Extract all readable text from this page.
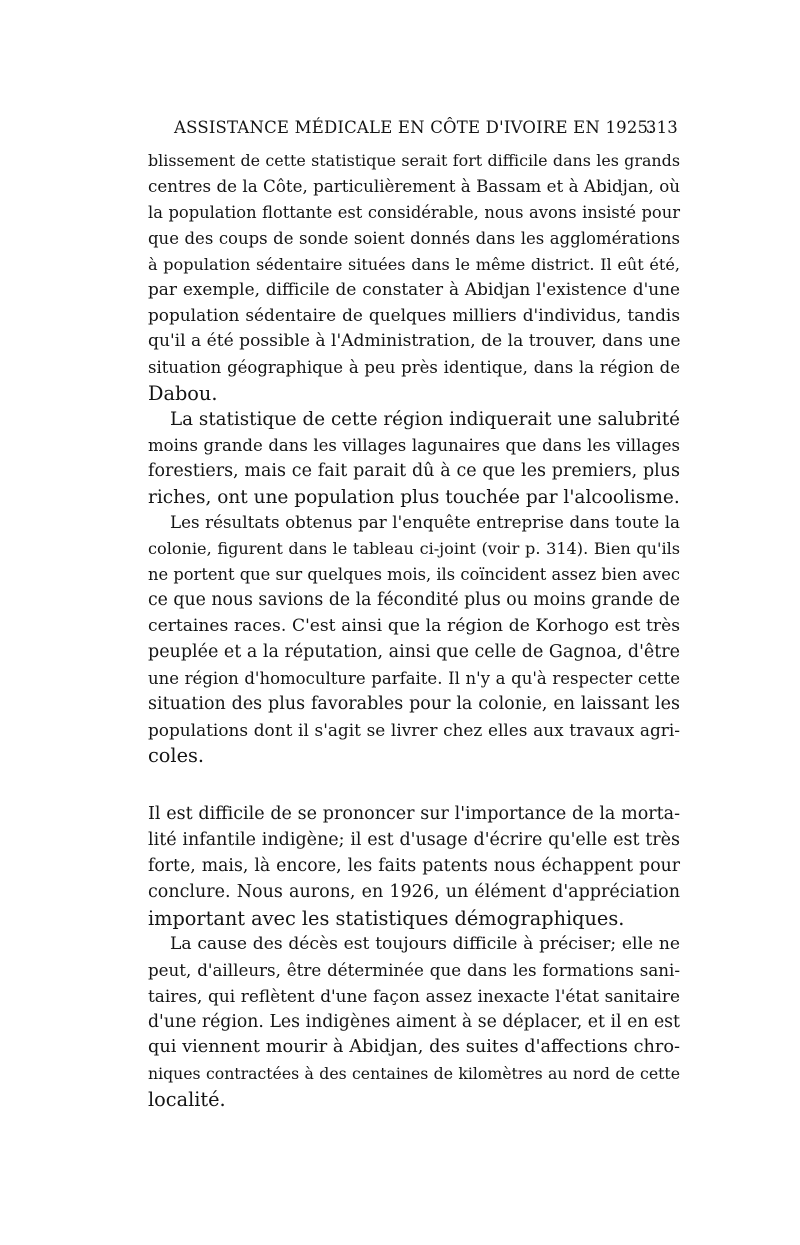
ASSISTANCE MÉDICALE EN CÔTE D'IVOIRE EN 1925.
313
blissement de cette statistique serait fort difficile dans les grands
centres de la Côte, particulièrement à Bassam et à Abidjan, où
la population flottante est considérable, nous avons insisté pour
que des coups de sonde soient donnés dans les agglomérations
à population sédentaire situées dans le même district. Il eût été,
par exemple, difficile de constater à Abidjan l'existence d'une
population sédentaire de quelques milliers d'individus, tandis
qu'il a été possible à l'Administration, de la trouver, dans une
situation géographique à peu près identique, dans la région de
Dabou.
La statistique de cette région indiquerait une salubrité
moins grande dans les villages lagunaires que dans les villages
forestiers, mais ce fait parait dû à ce que les premiers, plus
riches, ont une population plus touchée par l'alcoolisme.
Les résultats obtenus par l'enquête entreprise dans toute la
colonie, figurent dans le tableau ci-joint (voir p. 314). Bien qu'ils
ne portent que sur quelques mois, ils coïncident assez bien avec
ce que nous savions de la fécondité plus ou moins grande de
certaines races. C'est ainsi que la région de Korhogo est très
peuplée et a la réputation, ainsi que celle de Gagnoa, d'être
une région d'homoculture parfaite. Il n'y a qu'à respecter cette
situation des plus favorables pour la colonie, en laissant les
populations dont il s'agit se livrer chez elles aux travaux agri-
coles.
Il est difficile de se prononcer sur l'importance de la morta-
lité infantile indigène; il est d'usage d'écrire qu'elle est très
forte, mais, là encore, les faits patents nous échappent pour
conclure. Nous aurons, en 1926, un élément d'appréciation
important avec les statistiques démographiques.
La cause des décès est toujours difficile à préciser; elle ne
peut, d'ailleurs, être déterminée que dans les formations sani-
taires, qui reflètent d'une façon assez inexacte l'état sanitaire
d'une région. Les indigènes aiment à se déplacer, et il en est
qui viennent mourir à Abidjan, des suites d'affections chro-
niques contractées à des centaines de kilomètres au nord de cette
localité.
